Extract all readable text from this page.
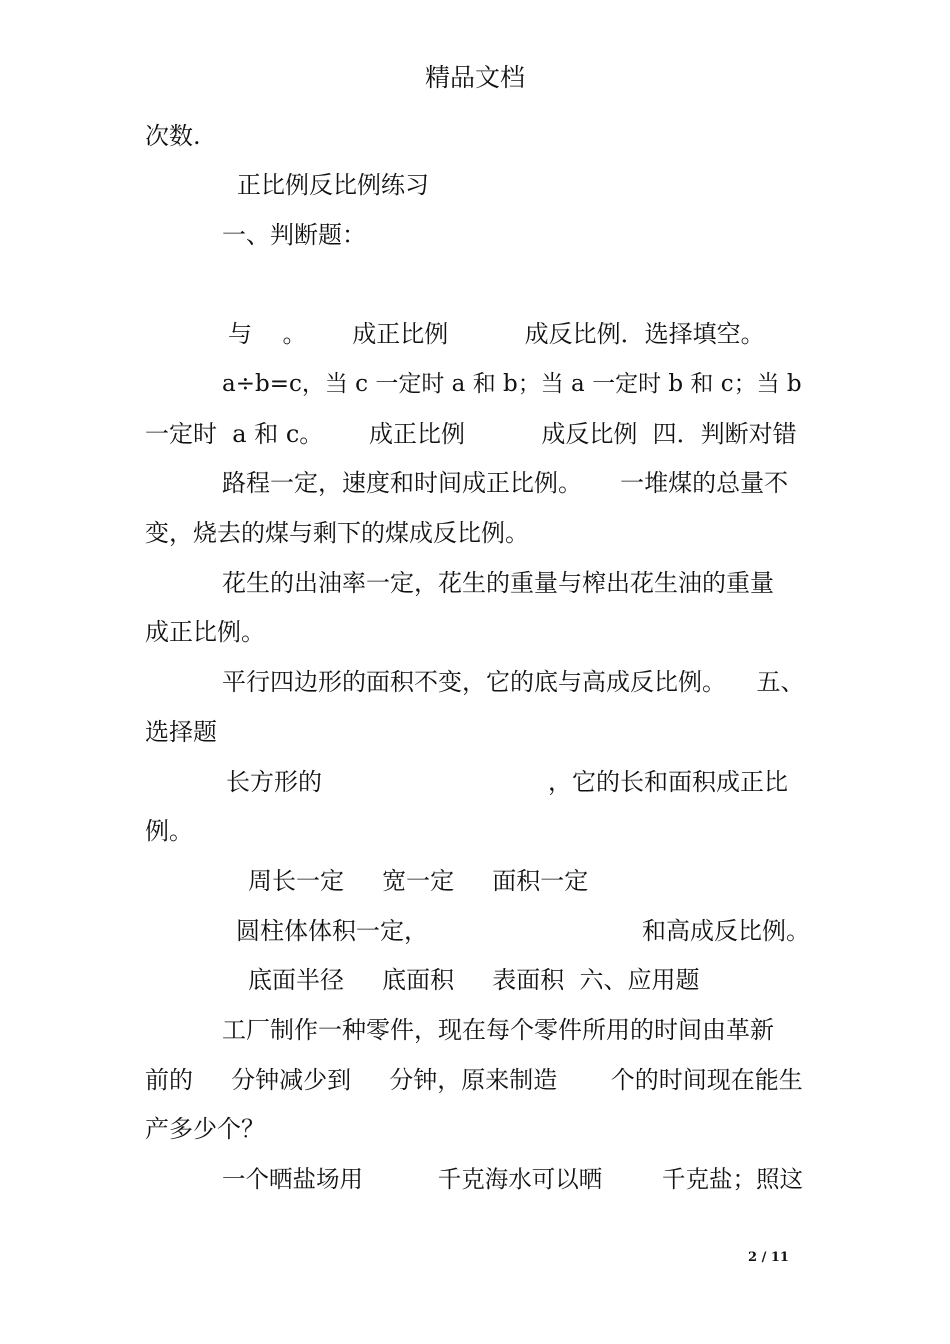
精品文档
次数.
正比例反比例练习
一、判断题：
与    。      成正比例          成反比例．选择填空。
a÷b=c，当 c 一定时 a 和 b；当 a 一定时 b 和 c；当 b
一定时  a 和 c。      成正比例          成反比例  四．判断对错
路程一定，速度和时间成正比例。     一堆煤的总量不
变，烧去的煤与剩下的煤成反比例。
花生的出油率一定，花生的重量与榨出花生油的重量
成正比例。
平行四边形的面积不变，它的底与高成反比例。    五、
选择题
长方形的	，它的长和面积成正比
例。
周长一定     宽一定     面积一定
圆柱体体积一定，	和高成反比例。
底面半径     底面积     表面积  六、应用题
工厂制作一种零件，现在每个零件所用的时间由革新
前的     分钟减少到     分钟，原来制造       个的时间现在能生
产多少个？
一个晒盐场用          千克海水可以晒        千克盐；照这
2 / 11
